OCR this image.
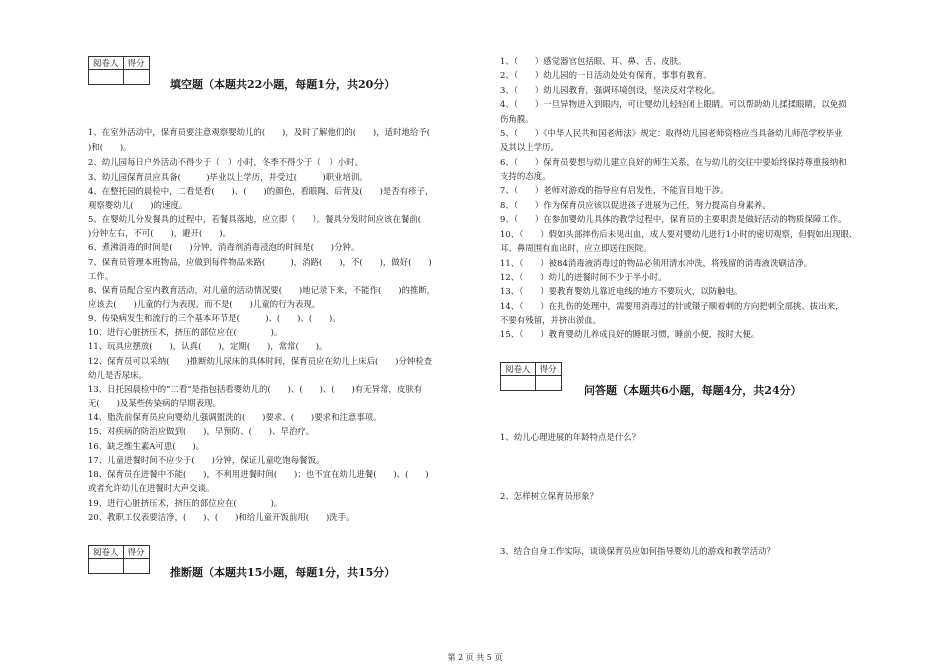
阅卷人	得分

填空题（本题共22小题，每题1分，共20分）
1、在室外活动中，保育员要注意观察婴幼儿的(　　)，及时了解他们的(　　)，适时地给予(
)和(　　)。
2、幼儿园每日户外活动不得少于（　）小时，冬季不得少于（　）小时。
3、幼儿园保育员应具备(　　　)毕业以上学历，并受过(　　　)职业培训。
4、在整托园的晨检中，二看是看(　　)、(　　)的颜色，看眼陶、后背及(　　)是否有疹子，
观察婴幼儿(　　)的速度。
5、在婴幼儿分发餐具的过程中，若餐具落地，应立即（　　）。餐具分发时间应该在餐前(　　
)分钟左右，不可(　　)，避开(　　)。
6、煮沸消毒的时间是(　　)分钟，消毒剂消毒浸泡的时间是(　　)分钟。
7、保育员管理本班物品，应做到每件物品来路(　　　)，消路(　　)，不(　　)，做好(　　)
工作。
8、保育员配合室内教育活动，对儿童的活动情况要(　　)地记录下来，不能作(　　)的推断，
应该去(　　)儿童的行为表现，而不是(　　)儿童的行为表现。
9、传染病发生和流行的三个基本环节是(　　　)、(　　)、(　　)。
10、进行心脏挤压术，挤压的部位应在(　　　　)。
11、玩具应摆放(　　)，认真(　　)，定期(　　)，常常(　　)。
12、保育员可以采纳(　　)推断幼儿尿床的具体时间，保育员应在幼儿上床后(　　)分钟检查
幼儿是否尿床。
13、日托园晨检中的“二看”是指包括看婴幼儿的(　　)、(　　)、(　　)有无异常，皮肤有
无(　　)及某些传染病的早期表现。
14、脂洗前保育员应向婴幼儿强调盥洗的(　　)要求、(　　)要求和注意事项。
15、对疾病的防治应做到(　　)，早预防、(　　)、早治疗。
16、缺乏维生素A可患(　　)。
17、儿童进餐时间不应少于(　　)分钟，保证儿童吃饱每餐饭。
18、保育员在进餐中不能(　　)，不利用进餐时间(　　)；也不宜在幼儿进餐(　　)、(　　)
或者允许幼儿在进餐时大声交谈。
19、进行心脏挤压术，挤压的部位应在(　　　　)。
20、教职工仪表要洁净，(　　)、(　　)和给儿童开饭前用(　　)洗手。
阅卷人	得分

推断题（本题共15小题，每题1分，共15分）
1、（　　）感觉器官包括眼、耳、鼻、舌、皮肤。
2、（　　）幼儿园的一日活动处处有保育，事事有教育。
3、（　　）幼儿园教育，强调环境创设，坚决反对学校化。
4、（　　）一旦异物进入到眼内，可让婴幼儿轻轻闭上眼睛。可以帮助幼儿揉揉眼睛，以免损
伤角膜。
5、（　　）《中华人民共和国老师法》规定：取得幼儿园老师资格应当具备幼儿师范学校毕业
及其以上学历。
6、（　　）保育员要想与幼儿建立良好的师生关系，在与幼儿的交往中要始终保持尊重接纳和
支持的态度。
7、（　　）老师对游戏的指导应有启发性，不能盲目地干涉。
8、（　　）作为保育员应该以促进孩子进展为己任，努力提高自身素养。
9、（　　）在参加婴幼儿具体的教学过程中，保育员的主要职责是做好活动的物质保障工作。
10、（　　）假如头部摔伤后未见出血，成人要对婴幼儿进行1小时的密切观察，但假如出现眼、
耳、鼻周围有血出时，应立即送往医院。
11、（　　）被84消毒液消毒过的物品必须用清水冲洗，将残留的消毒液洗刷洁净。
12、（　　）幼儿的进餐时间不少于半小时。
13、（　　）要教育婴幼儿靠近电线的地方不要玩火，以防触电。
14、（　　）在扎伤的处理中，需要用消毒过的针或镊子顺着刺的方向把刺全部挑、拔出来，
不要有残留，并挤出淤血。
15、（　　）教育婴幼儿养成良好的睡眠习惯，睡前小便，按时大便。
阅卷人	得分

问答题（本题共6小题，每题4分，共24分）
1、幼儿心理进展的年龄特点是什么？
2、怎样树立保育员形象？
3、结合自身工作实际，谈谈保育员应如何指导婴幼儿的游戏和教学活动？
第 2 页 共 5 页
